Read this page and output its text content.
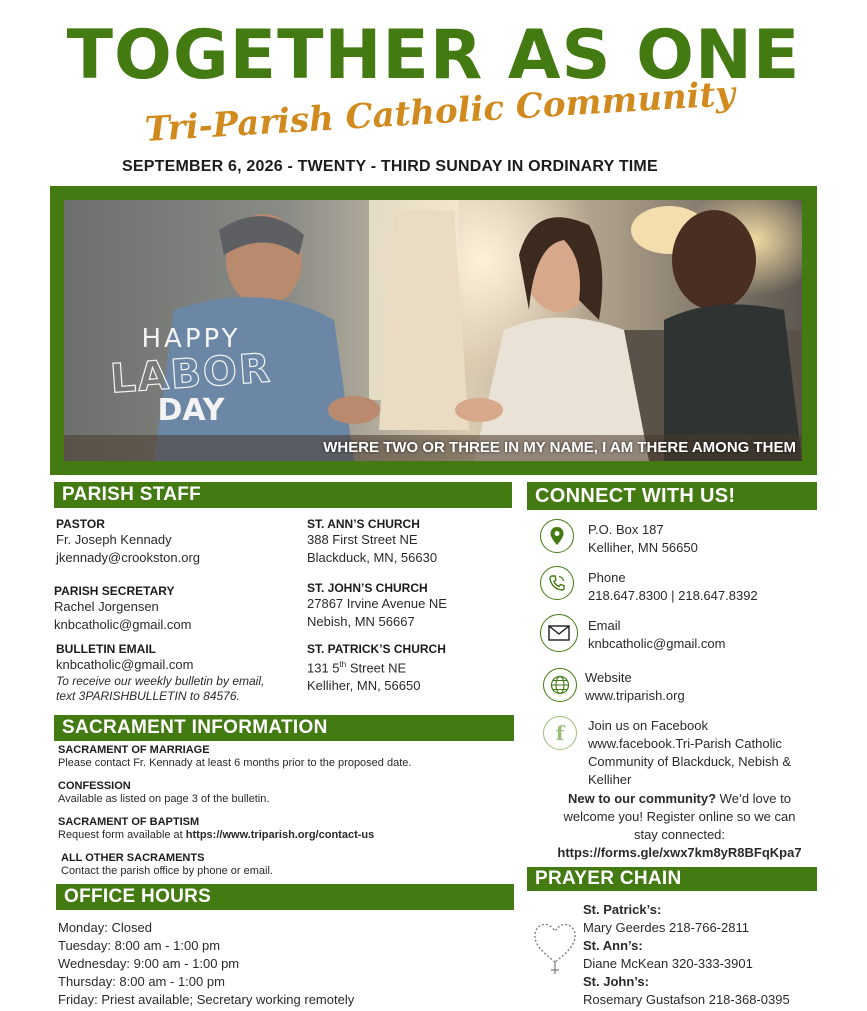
TOGETHER AS ONE
Tri-Parish Catholic Community
SEPTEMBER 6, 2026 - TWENTY - THIRD SUNDAY IN ORDINARY TIME
HAPPY
LABOR
DAY
WHERE TWO OR THREE IN MY NAME, I AM THERE AMONG THEM
PARISH STAFF
PASTOR
Fr. Joseph Kennady
jkennady@crookston.org
PARISH SECRETARY
Rachel Jorgensen
knbcatholic@gmail.com
BULLETIN EMAIL
knbcatholic@gmail.com
To receive our weekly bulletin by email,
text 3PARISHBULLETIN to 84576.
ST. ANN’S CHURCH
388 First Street NE
Blackduck, MN, 56630
ST. JOHN’S CHURCH
27867 Irvine Avenue NE
Nebish, MN 56667
ST. PATRICK’S CHURCH
131 5th Street NE
Kelliher, MN, 56650
SACRAMENT INFORMATION
SACRAMENT OF MARRIAGE
Please contact Fr. Kennady at least 6 months prior to the proposed date.
CONFESSION
Available as listed on page 3 of the bulletin.
SACRAMENT OF BAPTISM
Request form available at https://www.triparish.org/contact-us
ALL OTHER SACRAMENTS
Contact the parish office by phone or email.
OFFICE HOURS
Monday: Closed
Tuesday: 8:00 am - 1:00 pm
Wednesday: 9:00 am - 1:00 pm
Thursday: 8:00 am - 1:00 pm
Friday: Priest available; Secretary working remotely
CONNECT WITH US!
P.O. Box 187
Kelliher, MN 56650
Phone
218.647.8300 | 218.647.8392
Email
knbcatholic@gmail.com
Website
www.triparish.org
f Join us on Facebook
www.facebook.Tri-Parish Catholic
Community of Blackduck, Nebish &
Kelliher
New to our community? We’d love to
welcome you! Register online so we can
stay connected:
https://forms.gle/xwx7km8yR8BFqKpa7
PRAYER CHAIN
St. Patrick’s:
Mary Geerdes 218-766-2811
St. Ann’s:
Diane McKean 320-333-3901
St. John’s:
Rosemary Gustafson 218-368-0395
